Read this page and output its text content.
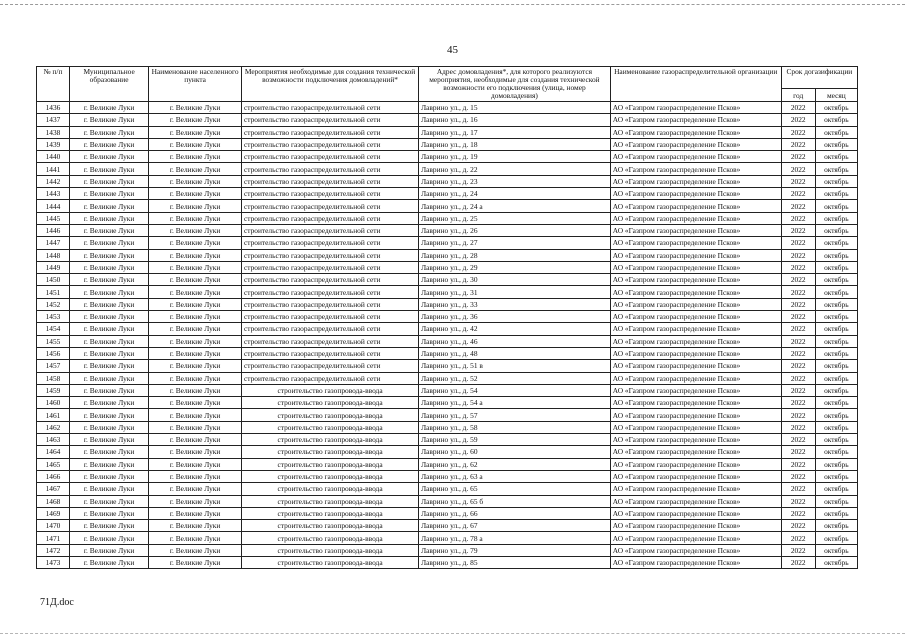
45
№ п/п	Муниципальное образование	Наименование населенного пункта	Мероприятия необходимые для создания технической возможности подключения домовладений*	Адрес домовладения*, для которого реализуются мероприятия, необходимые для создания технической возможности его подключения (улица, номер домовладения)	Наименование газораспределительной организации	Срок догазификации	
						год	месяц
1436	г. Великие Луки	г. Великие Луки	строительство газораспределительной сети	Лаврино ул., д. 15	АО «Газпром газораспределение Псков»	2022	октябрь
1437	г. Великие Луки	г. Великие Луки	строительство газораспределительной сети	Лаврино ул., д. 16	АО «Газпром газораспределение Псков»	2022	октябрь
1438	г. Великие Луки	г. Великие Луки	строительство газораспределительной сети	Лаврино ул., д. 17	АО «Газпром газораспределение Псков»	2022	октябрь
1439	г. Великие Луки	г. Великие Луки	строительство газораспределительной сети	Лаврино ул., д. 18	АО «Газпром газораспределение Псков»	2022	октябрь
1440	г. Великие Луки	г. Великие Луки	строительство газораспределительной сети	Лаврино ул., д. 19	АО «Газпром газораспределение Псков»	2022	октябрь
1441	г. Великие Луки	г. Великие Луки	строительство газораспределительной сети	Лаврино ул., д. 22	АО «Газпром газораспределение Псков»	2022	октябрь
1442	г. Великие Луки	г. Великие Луки	строительство газораспределительной сети	Лаврино ул., д. 23	АО «Газпром газораспределение Псков»	2022	октябрь
1443	г. Великие Луки	г. Великие Луки	строительство газораспределительной сети	Лаврино ул., д. 24	АО «Газпром газораспределение Псков»	2022	октябрь
1444	г. Великие Луки	г. Великие Луки	строительство газораспределительной сети	Лаврино ул., д. 24 а	АО «Газпром газораспределение Псков»	2022	октябрь
1445	г. Великие Луки	г. Великие Луки	строительство газораспределительной сети	Лаврино ул., д. 25	АО «Газпром газораспределение Псков»	2022	октябрь
1446	г. Великие Луки	г. Великие Луки	строительство газораспределительной сети	Лаврино ул., д. 26	АО «Газпром газораспределение Псков»	2022	октябрь
1447	г. Великие Луки	г. Великие Луки	строительство газораспределительной сети	Лаврино ул., д. 27	АО «Газпром газораспределение Псков»	2022	октябрь
1448	г. Великие Луки	г. Великие Луки	строительство газораспределительной сети	Лаврино ул., д. 28	АО «Газпром газораспределение Псков»	2022	октябрь
1449	г. Великие Луки	г. Великие Луки	строительство газораспределительной сети	Лаврино ул., д. 29	АО «Газпром газораспределение Псков»	2022	октябрь
1450	г. Великие Луки	г. Великие Луки	строительство газораспределительной сети	Лаврино ул., д. 30	АО «Газпром газораспределение Псков»	2022	октябрь
1451	г. Великие Луки	г. Великие Луки	строительство газораспределительной сети	Лаврино ул., д. 31	АО «Газпром газораспределение Псков»	2022	октябрь
1452	г. Великие Луки	г. Великие Луки	строительство газораспределительной сети	Лаврино ул., д. 33	АО «Газпром газораспределение Псков»	2022	октябрь
1453	г. Великие Луки	г. Великие Луки	строительство газораспределительной сети	Лаврино ул., д. 36	АО «Газпром газораспределение Псков»	2022	октябрь
1454	г. Великие Луки	г. Великие Луки	строительство газораспределительной сети	Лаврино ул., д. 42	АО «Газпром газораспределение Псков»	2022	октябрь
1455	г. Великие Луки	г. Великие Луки	строительство газораспределительной сети	Лаврино ул., д. 46	АО «Газпром газораспределение Псков»	2022	октябрь
1456	г. Великие Луки	г. Великие Луки	строительство газораспределительной сети	Лаврино ул., д. 48	АО «Газпром газораспределение Псков»	2022	октябрь
1457	г. Великие Луки	г. Великие Луки	строительство газораспределительной сети	Лаврино ул., д. 51 в	АО «Газпром газораспределение Псков»	2022	октябрь
1458	г. Великие Луки	г. Великие Луки	строительство газораспределительной сети	Лаврино ул., д. 52	АО «Газпром газораспределение Псков»	2022	октябрь
1459	г. Великие Луки	г. Великие Луки	строительство газопровода-ввода	Лаврино ул., д. 54	АО «Газпром газораспределение Псков»	2022	октябрь
1460	г. Великие Луки	г. Великие Луки	строительство газопровода-ввода	Лаврино ул., д. 54 а	АО «Газпром газораспределение Псков»	2022	октябрь
1461	г. Великие Луки	г. Великие Луки	строительство газопровода-ввода	Лаврино ул., д. 57	АО «Газпром газораспределение Псков»	2022	октябрь
1462	г. Великие Луки	г. Великие Луки	строительство газопровода-ввода	Лаврино ул., д. 58	АО «Газпром газораспределение Псков»	2022	октябрь
1463	г. Великие Луки	г. Великие Луки	строительство газопровода-ввода	Лаврино ул., д. 59	АО «Газпром газораспределение Псков»	2022	октябрь
1464	г. Великие Луки	г. Великие Луки	строительство газопровода-ввода	Лаврино ул., д. 60	АО «Газпром газораспределение Псков»	2022	октябрь
1465	г. Великие Луки	г. Великие Луки	строительство газопровода-ввода	Лаврино ул., д. 62	АО «Газпром газораспределение Псков»	2022	октябрь
1466	г. Великие Луки	г. Великие Луки	строительство газопровода-ввода	Лаврино ул., д. 63 а	АО «Газпром газораспределение Псков»	2022	октябрь
1467	г. Великие Луки	г. Великие Луки	строительство газопровода-ввода	Лаврино ул., д. 65	АО «Газпром газораспределение Псков»	2022	октябрь
1468	г. Великие Луки	г. Великие Луки	строительство газопровода-ввода	Лаврино ул., д. 65 б	АО «Газпром газораспределение Псков»	2022	октябрь
1469	г. Великие Луки	г. Великие Луки	строительство газопровода-ввода	Лаврино ул., д. 66	АО «Газпром газораспределение Псков»	2022	октябрь
1470	г. Великие Луки	г. Великие Луки	строительство газопровода-ввода	Лаврино ул., д. 67	АО «Газпром газораспределение Псков»	2022	октябрь
1471	г. Великие Луки	г. Великие Луки	строительство газопровода-ввода	Лаврино ул., д. 78 а	АО «Газпром газораспределение Псков»	2022	октябрь
1472	г. Великие Луки	г. Великие Луки	строительство газопровода-ввода	Лаврино ул., д. 79	АО «Газпром газораспределение Псков»	2022	октябрь
1473	г. Великие Луки	г. Великие Луки	строительство газопровода-ввода	Лаврино ул., д. 85	АО «Газпром газораспределение Псков»	2022	октябрь
71Д.doc
